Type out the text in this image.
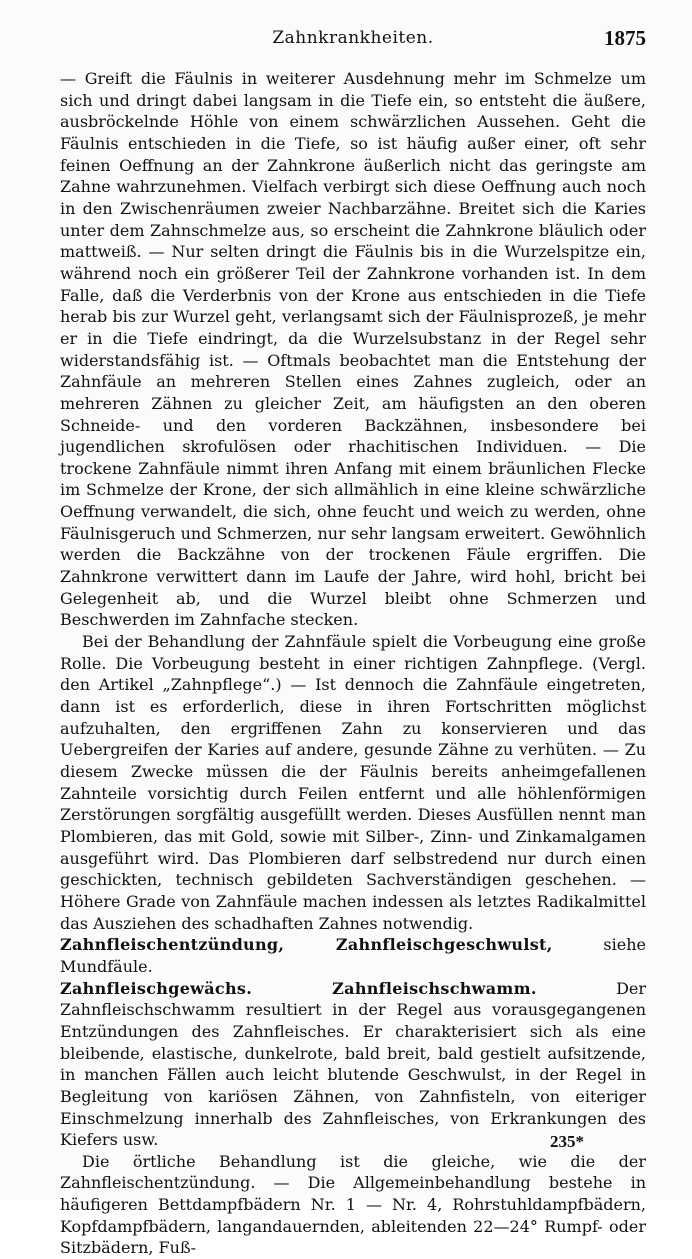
Zahnkrankheiten.	1875

— Greift die Fäulnis in weiterer Ausdehnung mehr im Schmelze um sich und dringt dabei langsam in die Tiefe ein, so entsteht die äußere, ausbröckelnde Höhle von einem schwärzlichen Aussehen. Geht die Fäulnis entschieden in die Tiefe, so ist häufig außer einer, oft sehr feinen Oeffnung an der Zahnkrone äußerlich nicht das geringste am Zahne wahrzunehmen. Vielfach verbirgt sich diese Oeffnung auch noch in den Zwischenräumen zweier Nachbarzähne. Breitet sich die Karies unter dem Zahnschmelze aus, so erscheint die Zahnkrone bläulich oder mattweiß. — Nur selten dringt die Fäulnis bis in die Wurzelspitze ein, während noch ein größerer Teil der Zahnkrone vorhanden ist. In dem Falle, daß die Verderbnis von der Krone aus entschieden in die Tiefe herab bis zur Wurzel geht, verlangsamt sich der Fäulnisprozeß, je mehr er in die Tiefe eindringt, da die Wurzelsubstanz in der Regel sehr widerstandsfähig ist. — Oftmals beobachtet man die Entstehung der Zahnfäule an mehreren Stellen eines Zahnes zugleich, oder an mehreren Zähnen zu gleicher Zeit, am häufigsten an den oberen Schneide- und den vorderen Backzähnen, insbesondere bei jugendlichen skrofulösen oder rhachitischen Individuen. — Die trockene Zahnfäule nimmt ihren Anfang mit einem bräunlichen Flecke im Schmelze der Krone, der sich allmählich in eine kleine schwärzliche Oeffnung verwandelt, die sich, ohne feucht und weich zu werden, ohne Fäulnisgeruch und Schmerzen, nur sehr langsam erweitert. Gewöhnlich werden die Backzähne von der trockenen Fäule ergriffen. Die Zahnkrone verwittert dann im Laufe der Jahre, wird hohl, bricht bei Gelegenheit ab, und die Wurzel bleibt ohne Schmerzen und Beschwerden im Zahnfache stecken.

Bei der Behandlung der Zahnfäule spielt die Vorbeugung eine große Rolle. Die Vorbeugung besteht in einer richtigen Zahnpflege. (Vergl. den Artikel „Zahnpflege“.) — Ist dennoch die Zahnfäule eingetreten, dann ist es erforderlich, diese in ihren Fortschritten möglichst aufzuhalten, den ergriffenen Zahn zu konservieren und das Uebergreifen der Karies auf andere, gesunde Zähne zu verhüten. — Zu diesem Zwecke müssen die der Fäulnis bereits anheimgefallenen Zahnteile vorsichtig durch Feilen entfernt und alle höhlenförmigen Zerstörungen sorgfältig ausgefüllt werden. Dieses Ausfüllen nennt man Plombieren, das mit Gold, sowie mit Silber-, Zinn- und Zinkamalgamen ausgeführt wird. Das Plombieren darf selbstredend nur durch einen geschickten, technisch gebildeten Sachverständigen geschehen. — Höhere Grade von Zahnfäule machen indessen als letztes Radikalmittel das Ausziehen des schadhaften Zahnes notwendig.

Zahnfleischentzündung, Zahnfleischgeschwulst, siehe Mundfäule.

Zahnfleischgewächs. Zahnfleischschwamm. Der Zahnfleischschwamm resultiert in der Regel aus vorausgegangenen Entzündungen des Zahnfleisches. Er charakterisiert sich als eine bleibende, elastische, dunkelrote, bald breit, bald gestielt aufsitzende, in manchen Fällen auch leicht blutende Geschwulst, in der Regel in Begleitung von kariösen Zähnen, von Zahnfisteln, von eiteriger Einschmelzung innerhalb des Zahnfleisches, von Erkrankungen des Kiefers usw.

Die örtliche Behandlung ist die gleiche, wie die der Zahnfleischentzündung. — Die Allgemeinbehandlung bestehe in häufigeren Bettdampfbädern Nr. 1 — Nr. 4, Rohrstuhldampfbädern, Kopfdampfbädern, langandauernden, ableitenden 22—24° Rumpf- oder Sitzbädern, Fuß-

235*
